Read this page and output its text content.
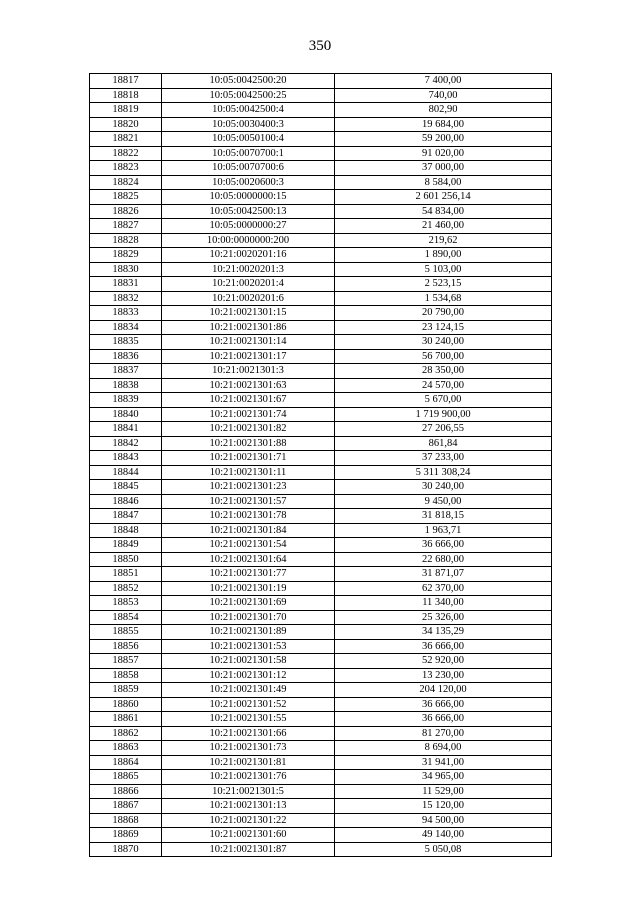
350
18817	10:05:0042500:20	7 400,00
18818	10:05:0042500:25	740,00
18819	10:05:0042500:4	802,90
18820	10:05:0030400:3	19 684,00
18821	10:05:0050100:4	59 200,00
18822	10:05:0070700:1	91 020,00
18823	10:05:0070700:6	37 000,00
18824	10:05:0020600:3	8 584,00
18825	10:05:0000000:15	2 601 256,14
18826	10:05:0042500:13	54 834,00
18827	10:05:0000000:27	21 460,00
18828	10:00:0000000:200	219,62
18829	10:21:0020201:16	1 890,00
18830	10:21:0020201:3	5 103,00
18831	10:21:0020201:4	2 523,15
18832	10:21:0020201:6	1 534,68
18833	10:21:0021301:15	20 790,00
18834	10:21:0021301:86	23 124,15
18835	10:21:0021301:14	30 240,00
18836	10:21:0021301:17	56 700,00
18837	10:21:0021301:3	28 350,00
18838	10:21:0021301:63	24 570,00
18839	10:21:0021301:67	5 670,00
18840	10:21:0021301:74	1 719 900,00
18841	10:21:0021301:82	27 206,55
18842	10:21:0021301:88	861,84
18843	10:21:0021301:71	37 233,00
18844	10:21:0021301:11	5 311 308,24
18845	10:21:0021301:23	30 240,00
18846	10:21:0021301:57	9 450,00
18847	10:21:0021301:78	31 818,15
18848	10:21:0021301:84	1 963,71
18849	10:21:0021301:54	36 666,00
18850	10:21:0021301:64	22 680,00
18851	10:21:0021301:77	31 871,07
18852	10:21:0021301:19	62 370,00
18853	10:21:0021301:69	11 340,00
18854	10:21:0021301:70	25 326,00
18855	10:21:0021301:89	34 135,29
18856	10:21:0021301:53	36 666,00
18857	10:21:0021301:58	52 920,00
18858	10:21:0021301:12	13 230,00
18859	10:21:0021301:49	204 120,00
18860	10:21:0021301:52	36 666,00
18861	10:21:0021301:55	36 666,00
18862	10:21:0021301:66	81 270,00
18863	10:21:0021301:73	8 694,00
18864	10:21:0021301:81	31 941,00
18865	10:21:0021301:76	34 965,00
18866	10:21:0021301:5	11 529,00
18867	10:21:0021301:13	15 120,00
18868	10:21:0021301:22	94 500,00
18869	10:21:0021301:60	49 140,00
18870	10:21:0021301:87	5 050,08
